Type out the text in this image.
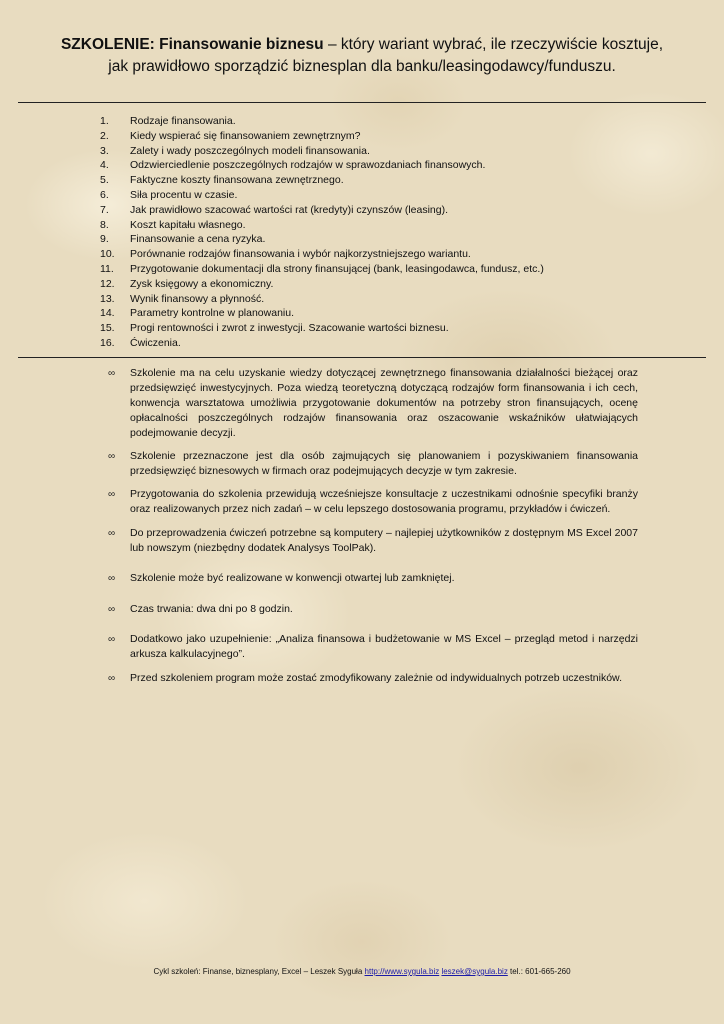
SZKOLENIE: Finansowanie biznesu – który wariant wybrać, ile rzeczywiście kosztuje, jak prawidłowo sporządzić biznesplan dla banku/leasingodawcy/funduszu.
1.	Rodzaje finansowania.
2.	Kiedy wspierać się finansowaniem zewnętrznym?
3.	Zalety i wady poszczególnych modeli finansowania.
4.	Odzwierciedlenie poszczególnych rodzajów w sprawozdaniach finansowych.
5.	Faktyczne koszty finansowana zewnętrznego.
6.	Siła procentu w czasie.
7.	Jak prawidłowo szacować wartości rat (kredyty)i czynszów (leasing).
8.	Koszt kapitału własnego.
9.	Finansowanie a cena ryzyka.
10.	Porównanie rodzajów finansowania i wybór najkorzystniejszego wariantu.
11.	Przygotowanie dokumentacji dla strony finansującej (bank, leasingodawca, fundusz, etc.)
12.	Zysk księgowy a ekonomiczny.
13.	Wynik finansowy a płynność.
14.	Parametry kontrolne w planowaniu.
15.	Progi rentowności i zwrot z inwestycji. Szacowanie wartości biznesu.
16.	Ćwiczenia.
∞ Szkolenie ma na celu uzyskanie wiedzy dotyczącej zewnętrznego finansowania działalności bieżącej oraz przedsięwzięć inwestycyjnych. Poza wiedzą teoretyczną dotyczącą rodzajów form finansowania i ich cech, konwencja warsztatowa umożliwia przygotowanie dokumentów na potrzeby stron finansujących, ocenę opłacalności poszczególnych rodzajów finansowania oraz oszacowanie wskaźników ułatwiających podejmowanie decyzji.
∞ Szkolenie przeznaczone jest dla osób zajmujących się planowaniem i pozyskiwaniem finansowania przedsięwzięć biznesowych w firmach oraz podejmujących decyzje w tym zakresie.
∞ Przygotowania do szkolenia przewidują wcześniejsze konsultacje z uczestnikami odnośnie specyfiki branży oraz realizowanych przez nich zadań – w celu lepszego dostosowania programu, przykładów i ćwiczeń.
∞ Do przeprowadzenia ćwiczeń potrzebne są komputery – najlepiej użytkowników z dostępnym MS Excel 2007 lub nowszym (niezbędny dodatek Analysys ToolPak).
∞ Szkolenie może być realizowane w konwencji otwartej lub zamkniętej.
∞ Czas trwania: dwa dni po 8 godzin.
∞ Dodatkowo jako uzupełnienie: „Analiza finansowa i budżetowanie w MS Excel – przegląd metod i narzędzi arkusza kalkulacyjnego”.
∞ Przed szkoleniem program może zostać zmodyfikowany zależnie od indywidualnych potrzeb uczestników.
Cykl szkoleń: Finanse, biznesplany, Excel – Leszek Syguła http://www.sygula.biz leszek@sygula.biz tel.: 601-665-260
